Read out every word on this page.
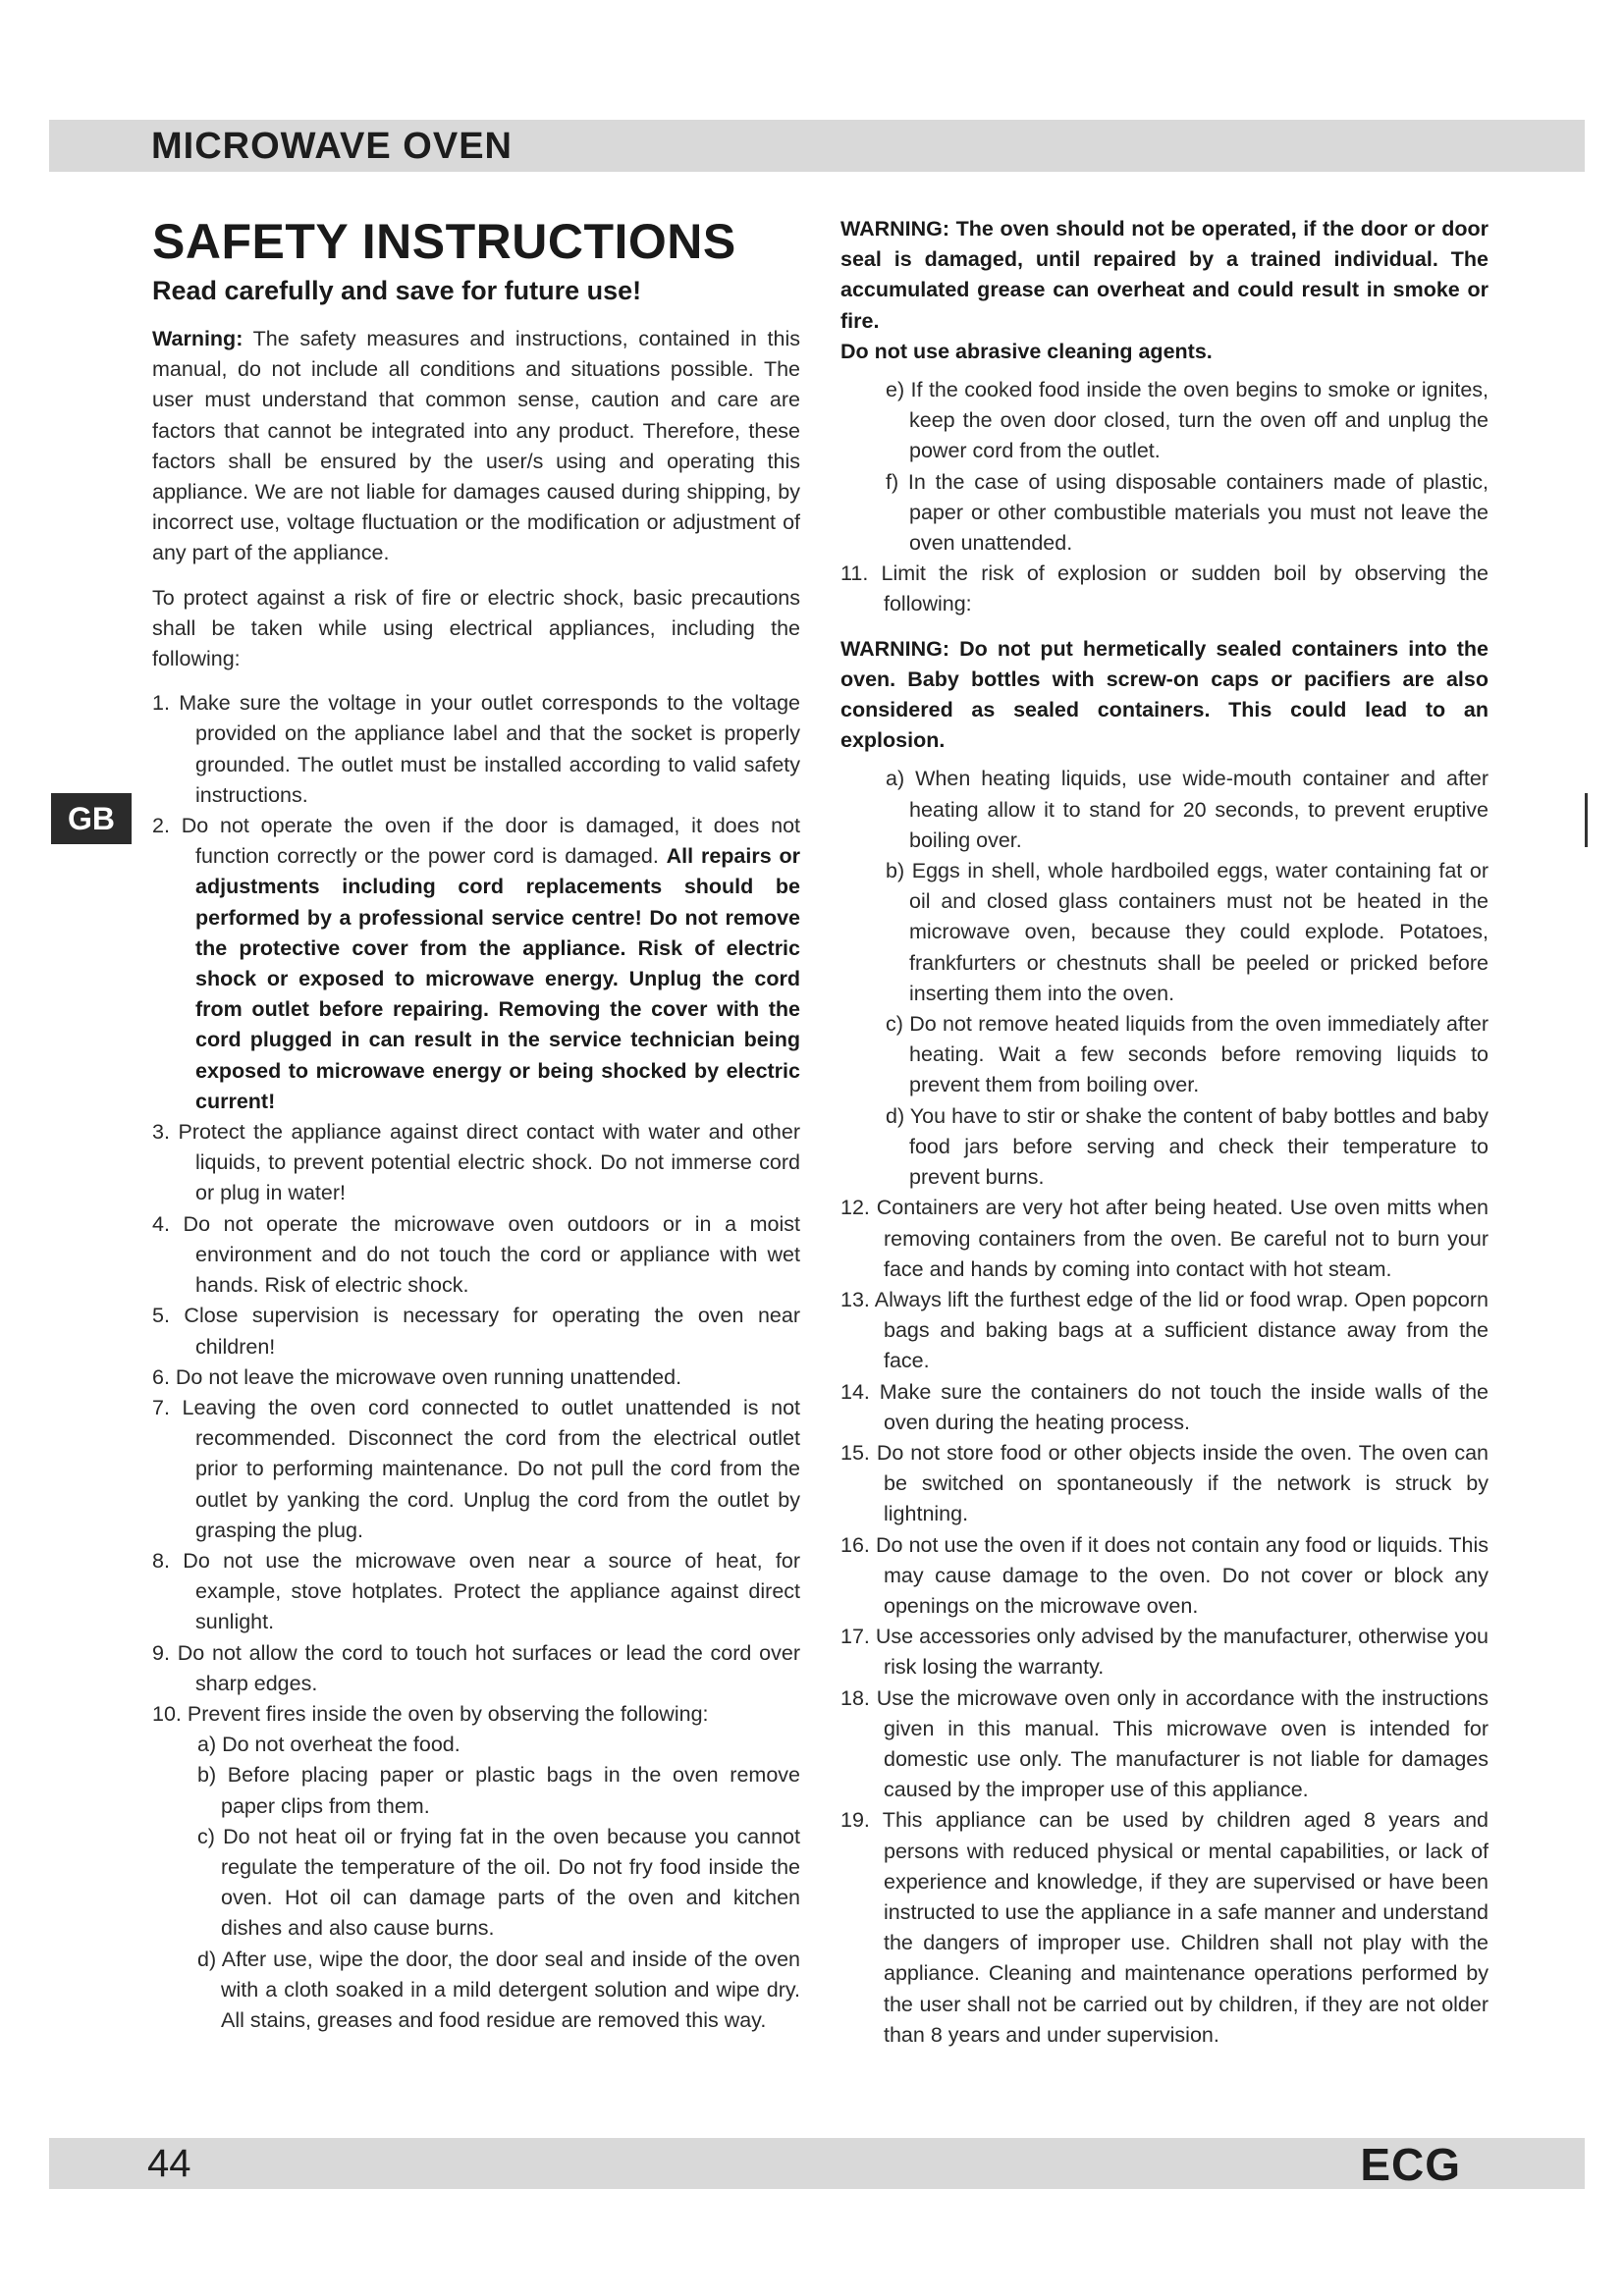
MICROWAVE OVEN
GB
SAFETY INSTRUCTIONS
Read carefully and save for future use!

Warning: The safety measures and instructions, contained in this manual, do not include all conditions and situations possible. The user must understand that common sense, caution and care are factors that cannot be integrated into any product. Therefore, these factors shall be ensured by the user/s using and operating this appliance. We are not liable for damages caused during shipping, by incorrect use, voltage fluctuation or the modification or adjustment of any part of the appliance.

To protect against a risk of fire or electric shock, basic precautions shall be taken while using electrical appliances, including the following:

1. Make sure the voltage in your outlet corresponds to the voltage provided on the appliance label and that the socket is properly grounded. The outlet must be installed according to valid safety instructions.
2. Do not operate the oven if the door is damaged, it does not function correctly or the power cord is damaged. All repairs or adjustments including cord replacements should be performed by a professional service centre! Do not remove the protective cover from the appliance. Risk of electric shock or exposed to microwave energy. Unplug the cord from outlet before repairing. Removing the cover with the cord plugged in can result in the service technician being exposed to microwave energy or being shocked by electric current!
3. Protect the appliance against direct contact with water and other liquids, to prevent potential electric shock. Do not immerse cord or plug in water!
4. Do not operate the microwave oven outdoors or in a moist environment and do not touch the cord or appliance with wet hands. Risk of electric shock.
5. Close supervision is necessary for operating the oven near children!
6. Do not leave the microwave oven running unattended.
7. Leaving the oven cord connected to outlet unattended is not recommended. Disconnect the cord from the electrical outlet prior to performing maintenance. Do not pull the cord from the outlet by yanking the cord. Unplug the cord from the outlet by grasping the plug.
8. Do not use the microwave oven near a source of heat, for example, stove hotplates. Protect the appliance against direct sunlight.
9. Do not allow the cord to touch hot surfaces or lead the cord over sharp edges.
10. Prevent fires inside the oven by observing the following:
a) Do not overheat the food.
b) Before placing paper or plastic bags in the oven remove paper clips from them.
c) Do not heat oil or frying fat in the oven because you cannot regulate the temperature of the oil. Do not fry food inside the oven. Hot oil can damage parts of the oven and kitchen dishes and also cause burns.
d) After use, wipe the door, the door seal and inside of the oven with a cloth soaked in a mild detergent solution and wipe dry. All stains, greases and food residue are removed this way.
WARNING: The oven should not be operated, if the door or door seal is damaged, until repaired by a trained individual. The accumulated grease can overheat and could result in smoke or fire.
Do not use abrasive cleaning agents.
e) If the cooked food inside the oven begins to smoke or ignites, keep the oven door closed, turn the oven off and unplug the power cord from the outlet.
f) In the case of using disposable containers made of plastic, paper or other combustible materials you must not leave the oven unattended.
11. Limit the risk of explosion or sudden boil by observing the following:
WARNING: Do not put hermetically sealed containers into the oven. Baby bottles with screw-on caps or pacifiers are also considered as sealed containers. This could lead to an explosion.
a) When heating liquids, use wide-mouth container and after heating allow it to stand for 20 seconds, to prevent eruptive boiling over.
b) Eggs in shell, whole hardboiled eggs, water containing fat or oil and closed glass containers must not be heated in the microwave oven, because they could explode. Potatoes, frankfurters or chestnuts shall be peeled or pricked before inserting them into the oven.
c) Do not remove heated liquids from the oven immediately after heating. Wait a few seconds before removing liquids to prevent them from boiling over.
d) You have to stir or shake the content of baby bottles and baby food jars before serving and check their temperature to prevent burns.
12. Containers are very hot after being heated. Use oven mitts when removing containers from the oven. Be careful not to burn your face and hands by coming into contact with hot steam.
13. Always lift the furthest edge of the lid or food wrap. Open popcorn bags and baking bags at a sufficient distance away from the face.
14. Make sure the containers do not touch the inside walls of the oven during the heating process.
15. Do not store food or other objects inside the oven. The oven can be switched on spontaneously if the network is struck by lightning.
16. Do not use the oven if it does not contain any food or liquids. This may cause damage to the oven. Do not cover or block any openings on the microwave oven.
17. Use accessories only advised by the manufacturer, otherwise you risk losing the warranty.
18. Use the microwave oven only in accordance with the instructions given in this manual. This microwave oven is intended for domestic use only. The manufacturer is not liable for damages caused by the improper use of this appliance.
19. This appliance can be used by children aged 8 years and persons with reduced physical or mental capabilities, or lack of experience and knowledge, if they are supervised or have been instructed to use the appliance in a safe manner and understand the dangers of improper use. Children shall not play with the appliance. Cleaning and maintenance operations performed by the user shall not be carried out by children, if they are not older than 8 years and under supervision.
44	ECG
